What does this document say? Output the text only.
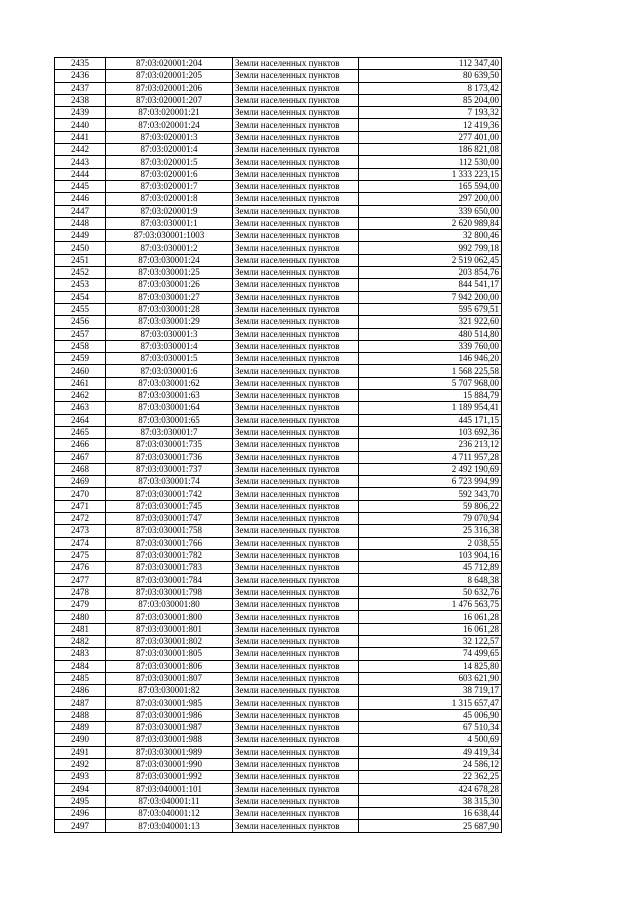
2435	87:03:020001:204	Земли населенных пунктов	112 347,40
2436	87:03:020001:205	Земли населенных пунктов	80 639,50
2437	87:03:020001:206	Земли населенных пунктов	8 173,42
2438	87:03:020001:207	Земли населенных пунктов	85 204,00
2439	87:03:020001:21	Земли населенных пунктов	7 193,32
2440	87:03:020001:24	Земли населенных пунктов	12 419,36
2441	87:03:020001:3	Земли населенных пунктов	277 401,00
2442	87:03:020001:4	Земли населенных пунктов	186 821,08
2443	87:03:020001:5	Земли населенных пунктов	112 530,00
2444	87:03:020001:6	Земли населенных пунктов	1 333 223,15
2445	87:03:020001:7	Земли населенных пунктов	165 594,00
2446	87:03:020001:8	Земли населенных пунктов	297 200,00
2447	87:03:020001:9	Земли населенных пунктов	339 650,00
2448	87:03:030001:1	Земли населенных пунктов	2 620 989,84
2449	87:03:030001:1003	Земли населенных пунктов	32 800,46
2450	87:03:030001:2	Земли населенных пунктов	992 799,18
2451	87:03:030001:24	Земли населенных пунктов	2 519 062,45
2452	87:03:030001:25	Земли населенных пунктов	203 854,76
2453	87:03:030001:26	Земли населенных пунктов	844 541,17
2454	87:03:030001:27	Земли населенных пунктов	7 942 200,00
2455	87:03:030001:28	Земли населенных пунктов	595 679,51
2456	87:03:030001:29	Земли населенных пунктов	321 922,60
2457	87:03:030001:3	Земли населенных пунктов	480 514,80
2458	87:03:030001:4	Земли населенных пунктов	339 760,00
2459	87:03:030001:5	Земли населенных пунктов	146 946,20
2460	87:03:030001:6	Земли населенных пунктов	1 568 225,58
2461	87:03:030001:62	Земли населенных пунктов	5 707 968,00
2462	87:03:030001:63	Земли населенных пунктов	15 884,79
2463	87:03:030001:64	Земли населенных пунктов	1 189 954,41
2464	87:03:030001:65	Земли населенных пунктов	445 171,15
2465	87:03:030001:7	Земли населенных пунктов	103 692,36
2466	87:03:030001:735	Земли населенных пунктов	236 213,12
2467	87:03:030001:736	Земли населенных пунктов	4 711 957,28
2468	87:03:030001:737	Земли населенных пунктов	2 492 190,69
2469	87:03:030001:74	Земли населенных пунктов	6 723 994,99
2470	87:03:030001:742	Земли населенных пунктов	592 343,70
2471	87:03:030001:745	Земли населенных пунктов	59 806,22
2472	87:03:030001:747	Земли населенных пунктов	79 070,94
2473	87:03:030001:758	Земли населенных пунктов	25 316,38
2474	87:03:030001:766	Земли населенных пунктов	2 038,55
2475	87:03:030001:782	Земли населенных пунктов	103 904,16
2476	87:03:030001:783	Земли населенных пунктов	45 712,89
2477	87:03:030001:784	Земли населенных пунктов	8 648,38
2478	87:03:030001:798	Земли населенных пунктов	50 632,76
2479	87:03:030001:80	Земли населенных пунктов	1 476 563,75
2480	87:03:030001:800	Земли населенных пунктов	16 061,28
2481	87:03:030001:801	Земли населенных пунктов	16 061,28
2482	87:03:030001:802	Земли населенных пунктов	32 122,57
2483	87:03:030001:805	Земли населенных пунктов	74 499,65
2484	87:03:030001:806	Земли населенных пунктов	14 825,80
2485	87:03:030001:807	Земли населенных пунктов	603 621,90
2486	87:03:030001:82	Земли населенных пунктов	38 719,17
2487	87:03:030001:985	Земли населенных пунктов	1 315 657,47
2488	87:03:030001:986	Земли населенных пунктов	45 006,90
2489	87:03:030001:987	Земли населенных пунктов	67 510,34
2490	87:03:030001:988	Земли населенных пунктов	4 500,69
2491	87:03:030001:989	Земли населенных пунктов	49 419,34
2492	87:03:030001:990	Земли населенных пунктов	24 586,12
2493	87:03:030001:992	Земли населенных пунктов	22 362,25
2494	87:03:040001:101	Земли населенных пунктов	424 678,28
2495	87:03:040001:11	Земли населенных пунктов	38 315,30
2496	87:03:040001:12	Земли населенных пунктов	16 638,44
2497	87:03:040001:13	Земли населенных пунктов	25 687,90
